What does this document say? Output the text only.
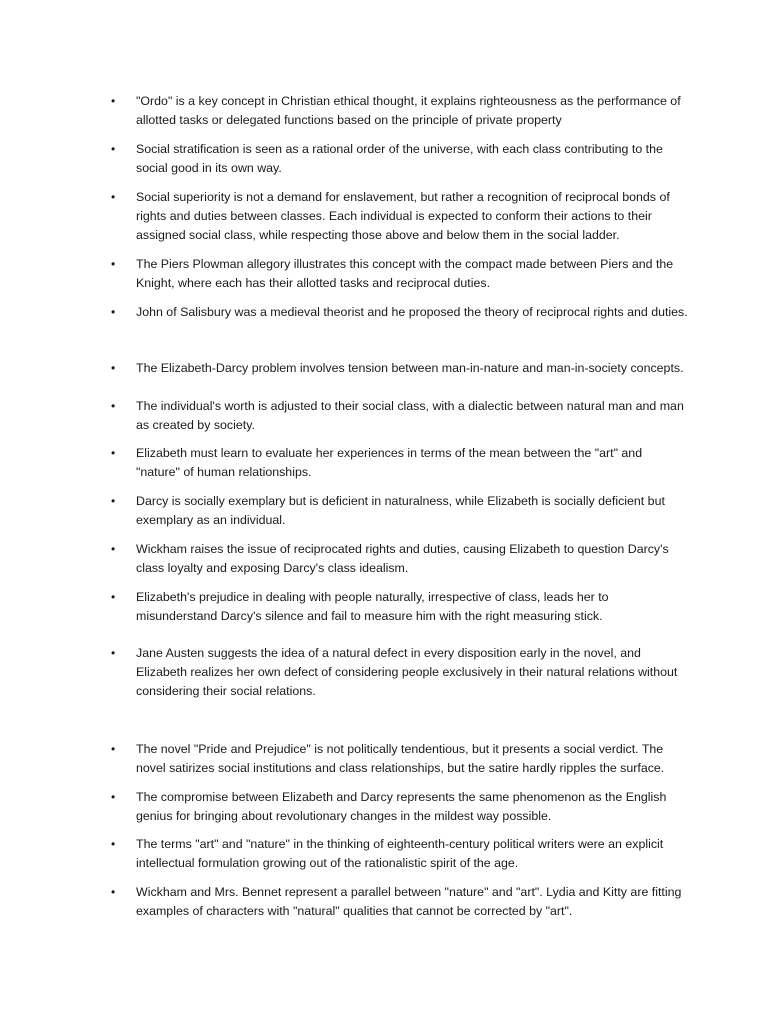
• "Ordo" is a key concept in Christian ethical thought, it explains righteousness as the performance of allotted tasks or delegated functions based on the principle of private property
• Social stratification is seen as a rational order of the universe, with each class contributing to the social good in its own way.
• Social superiority is not a demand for enslavement, but rather a recognition of reciprocal bonds of rights and duties between classes. Each individual is expected to conform their actions to their assigned social class, while respecting those above and below them in the social ladder.
• The Piers Plowman allegory illustrates this concept with the compact made between Piers and the Knight, where each has their allotted tasks and reciprocal duties.
• John of Salisbury was a medieval theorist and he proposed the theory of reciprocal rights and duties.
• The Elizabeth-Darcy problem involves tension between man-in-nature and man-in-society concepts.
• The individual's worth is adjusted to their social class, with a dialectic between natural man and man as created by society.
• Elizabeth must learn to evaluate her experiences in terms of the mean between the "art" and "nature" of human relationships.
• Darcy is socially exemplary but is deficient in naturalness, while Elizabeth is socially deficient but exemplary as an individual.
• Wickham raises the issue of reciprocated rights and duties, causing Elizabeth to question Darcy's class loyalty and exposing Darcy's class idealism.
• Elizabeth's prejudice in dealing with people naturally, irrespective of class, leads her to misunderstand Darcy's silence and fail to measure him with the right measuring stick.
• Jane Austen suggests the idea of a natural defect in every disposition early in the novel, and Elizabeth realizes her own defect of considering people exclusively in their natural relations without considering their social relations.
• The novel "Pride and Prejudice" is not politically tendentious, but it presents a social verdict. The novel satirizes social institutions and class relationships, but the satire hardly ripples the surface.
• The compromise between Elizabeth and Darcy represents the same phenomenon as the English genius for bringing about revolutionary changes in the mildest way possible.
• The terms "art" and "nature" in the thinking of eighteenth-century political writers were an explicit intellectual formulation growing out of the rationalistic spirit of the age.
• Wickham and Mrs. Bennet represent a parallel between "nature" and "art". Lydia and Kitty are fitting examples of characters with "natural" qualities that cannot be corrected by "art".
